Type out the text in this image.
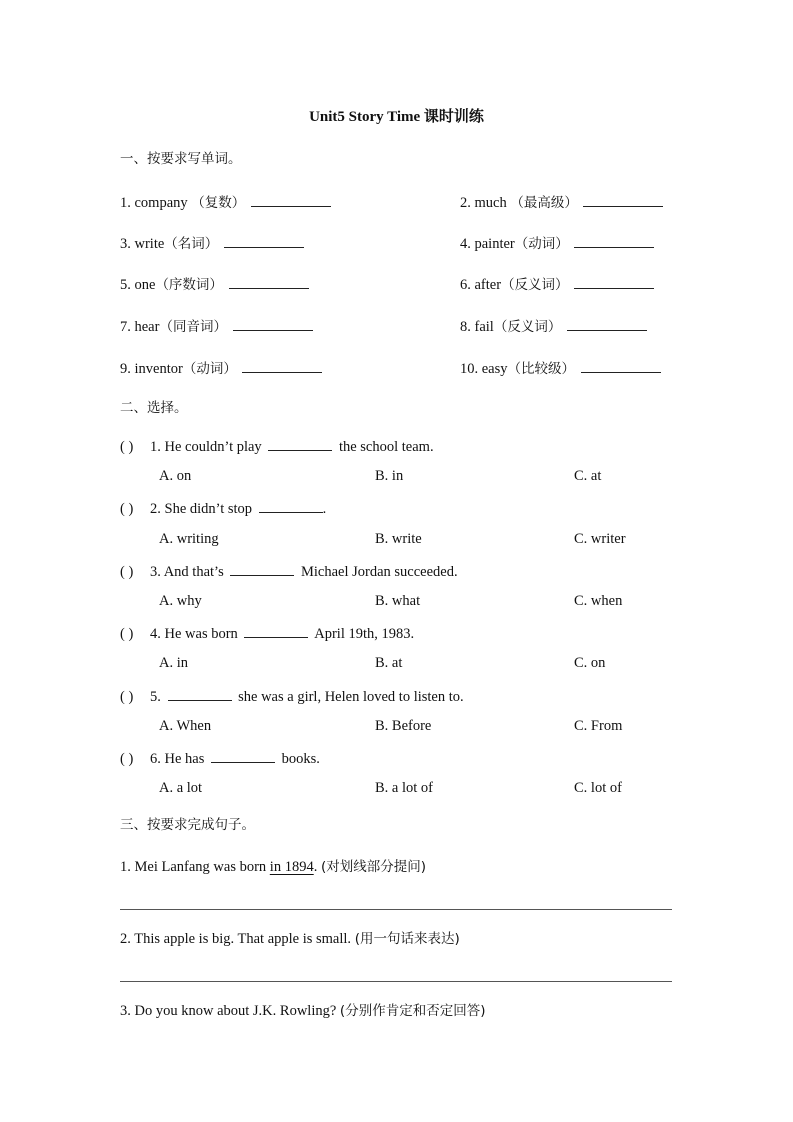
Unit5 Story Time 课时训练
一、按要求写单词。
1. company （复数）	2. much （最高级）
3. write（名词）	4. painter（动词）
5. one（序数词）	6. after（反义词）
7. hear（同音词）	8. fail（反义词）
9. inventor（动词）	10. easy（比较级）
二、选择。
( ) 1. He couldn’t play	the school team.
A. on	B. in	C. at
( ) 2. She didn’t stop	.
A. writing	B. write	C. writer
( ) 3. And that’s	Michael Jordan succeeded.
A. why	B. what	C. when
( ) 4. He was born	April 19th, 1983.
A. in	B. at	C. on
( ) 5.	she was a girl, Helen loved to listen to.
A. When	B. Before	C. From
( ) 6. He has	books.
A. a lot	B. a lot of	C. lot of
三、按要求完成句子。
1. Mei Lanfang was born in 1894. (对划线部分提问)
2. This apple is big. That apple is small. (用一句话来表达)
3. Do you know about J.K. Rowling? (分别作肯定和否定回答)
